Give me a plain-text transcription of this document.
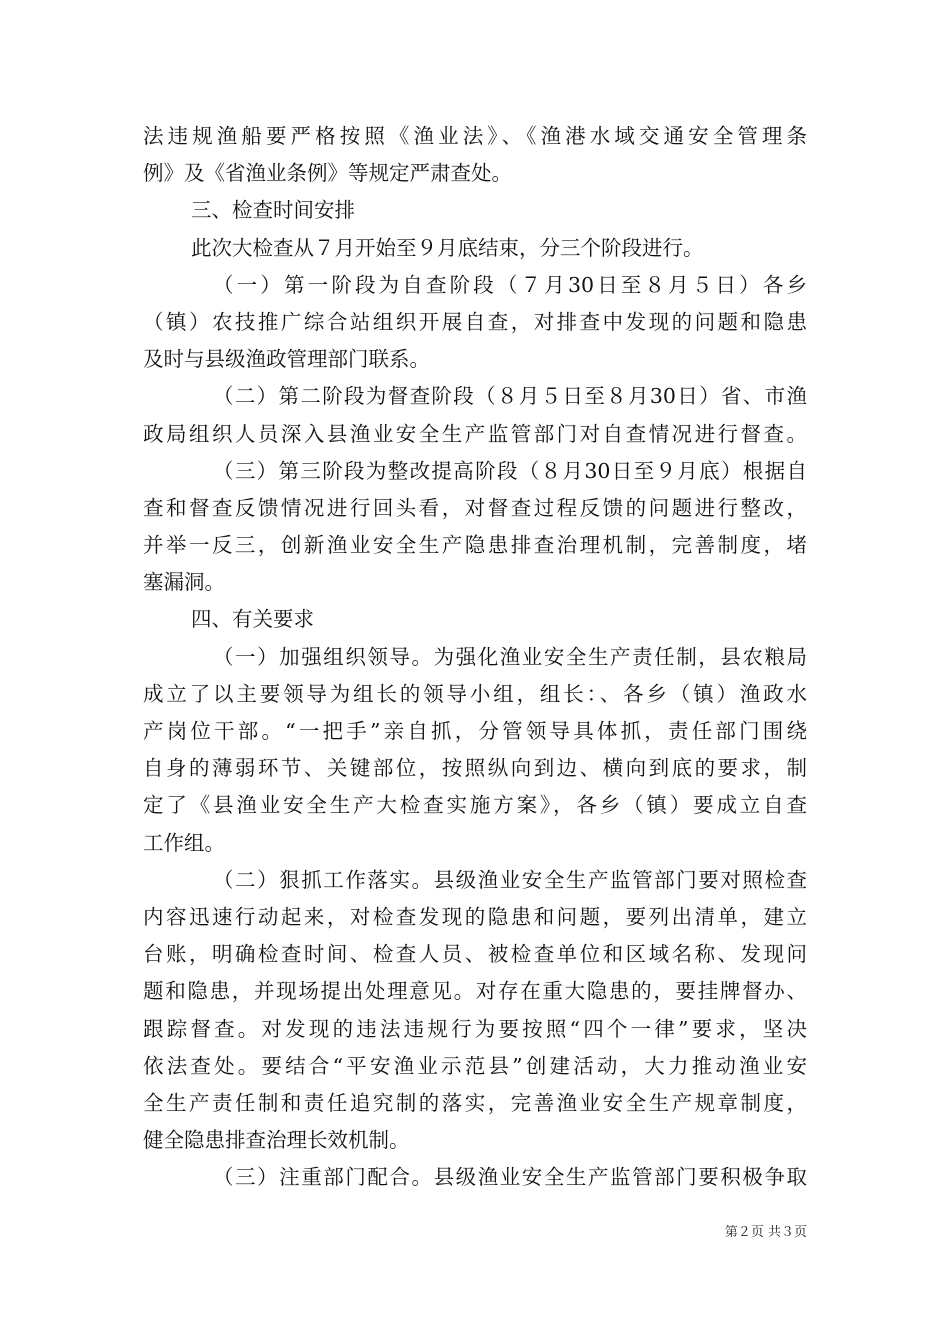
法违规渔船要严格按照《渔业法》、《渔港水域交通安全管理条
例》及《省渔业条例》等规定严肃查处。
三、检查时间安排
此次大检查从７月开始至９月底结束，分三个阶段进行。
（一）第一阶段为自查阶段（７月30日至８月５日）各乡
（镇）农技推广综合站组织开展自查，对排查中发现的问题和隐患
及时与县级渔政管理部门联系。
（二）第二阶段为督查阶段（８月５日至８月30日）省、市渔
政局组织人员深入县渔业安全生产监管部门对自查情况进行督查。
（三）第三阶段为整改提高阶段（８月30日至９月底）根据自
查和督查反馈情况进行回头看，对督查过程反馈的问题进行整改，
并举一反三，创新渔业安全生产隐患排查治理机制，完善制度，堵
塞漏洞。
四、有关要求
（一）加强组织领导。为强化渔业安全生产责任制，县农粮局
成立了以主要领导为组长的领导小组，组长：、各乡（镇）渔政水
产岗位干部。“一把手”亲自抓，分管领导具体抓，责任部门围绕
自身的薄弱环节、关键部位，按照纵向到边、横向到底的要求，制
定了《县渔业安全生产大检查实施方案》，各乡（镇）要成立自查
工作组。
（二）狠抓工作落实。县级渔业安全生产监管部门要对照检查
内容迅速行动起来，对检查发现的隐患和问题，要列出清单，建立
台账，明确检查时间、检查人员、被检查单位和区域名称、发现问
题和隐患，并现场提出处理意见。对存在重大隐患的，要挂牌督办、
跟踪督查。对发现的违法违规行为要按照“四个一律”要求，坚决
依法查处。要结合“平安渔业示范县”创建活动，大力推动渔业安
全生产责任制和责任追究制的落实，完善渔业安全生产规章制度，
健全隐患排查治理长效机制。
（三）注重部门配合。县级渔业安全生产监管部门要积极争取
第２页 共３页
